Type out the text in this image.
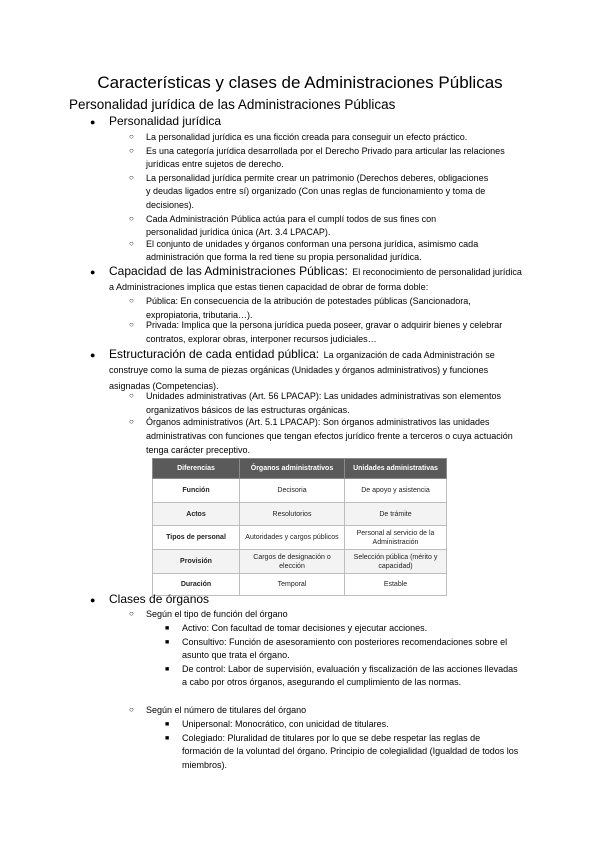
Características y clases de Administraciones Públicas
Personalidad jurídica de las Administraciones Públicas
● Personalidad jurídica
○ La personalidad jurídica es una ficción creada para conseguir un efecto práctico.
○ Es una categoría jurídica desarrollada por el Derecho Privado para articular las relaciones jurídicas entre sujetos de derecho.
○ La personalidad jurídica permite crear un patrimonio (Derechos deberes, obligaciones y deudas ligados entre sí) organizado (Con unas reglas de funcionamiento y toma de decisiones).
○ Cada Administración Pública actúa para el cumplí todos de sus fines con personalidad jurídica única (Art. 3.4 LPACAP).
○ El conjunto de unidades y órganos conforman una persona jurídica, asimismo cada administración que forma la red tiene su propia personalidad jurídica.
● Capacidad de las Administraciones Públicas: El reconocimiento de personalidad jurídica a Administraciones implica que estas tienen capacidad de obrar de forma doble:
○ Pública: En consecuencia de la atribución de potestades públicas (Sancionadora, expropiatoria, tributaria…).
○ Privada: Implica que la persona jurídica pueda poseer, gravar o adquirir bienes y celebrar contratos, explorar obras, interponer recursos judiciales…
● Estructuración de cada entidad pública: La organización de cada Administración se construye como la suma de piezas orgánicas (Unidades y órganos administrativos) y funciones asignadas (Competencias).
○ Unidades administrativas (Art. 56 LPACAP): Las unidades administrativas son elementos organizativos básicos de las estructuras orgánicas.
○ Órganos administrativos (Art. 5.1 LPACAP): Son órganos administrativos las unidades administrativas con funciones que tengan efectos jurídico frente a terceros o cuya actuación tenga carácter preceptivo.
Diferencias	Órganos administrativos	Unidades administrativas
Función	Decisoria	De apoyo y asistencia
Actos	Resolutorios	De trámite
Tipos de personal	Autoridades y cargos públicos	Personal al servicio de la Administración
Provisión	Cargos de designación o elección	Selección pública (mérito y capacidad)
Duración	Temporal	Estable
● Clases de órganos
○ Según el tipo de función del órgano
■ Activo: Con facultad de tomar decisiones y ejecutar acciones.
■ Consultivo: Función de asesoramiento con posteriores recomendaciones sobre el asunto que trata el órgano.
■ De control: Labor de supervisión, evaluación y fiscalización de las acciones llevadas a cabo por otros órganos, asegurando el cumplimiento de las normas.
○ Según el número de titulares del órgano
■ Unipersonal: Monocrático, con unicidad de titulares.
■ Colegiado: Pluralidad de titulares por lo que se debe respetar las reglas de formación de la voluntad del órgano. Principio de colegialidad (Igualdad de todos los miembros).
